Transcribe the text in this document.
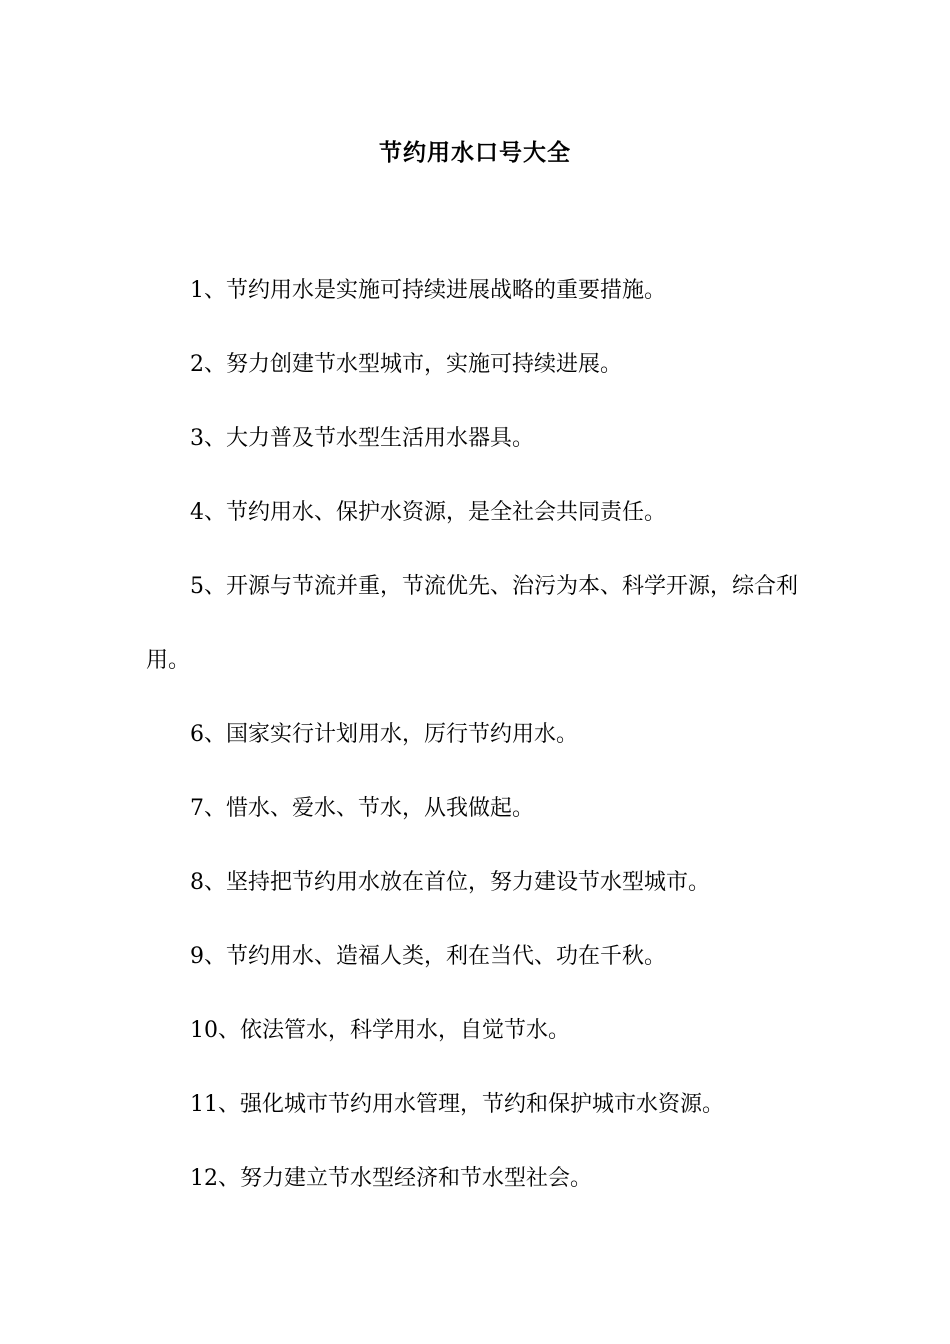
节约用水口号大全

1、节约用水是实施可持续进展战略的重要措施。

2、努力创建节水型城市，实施可持续进展。

3、大力普及节水型生活用水器具。

4、节约用水、保护水资源，是全社会共同责任。

5、开源与节流并重，节流优先、治污为本、科学开源，综合利用。

6、国家实行计划用水，厉行节约用水。

7、惜水、爱水、节水，从我做起。

8、坚持把节约用水放在首位，努力建设节水型城市。

9、节约用水、造福人类，利在当代、功在千秋。

10、依法管水，科学用水，自觉节水。

11、强化城市节约用水管理，节约和保护城市水资源。

12、努力建立节水型经济和节水型社会。
